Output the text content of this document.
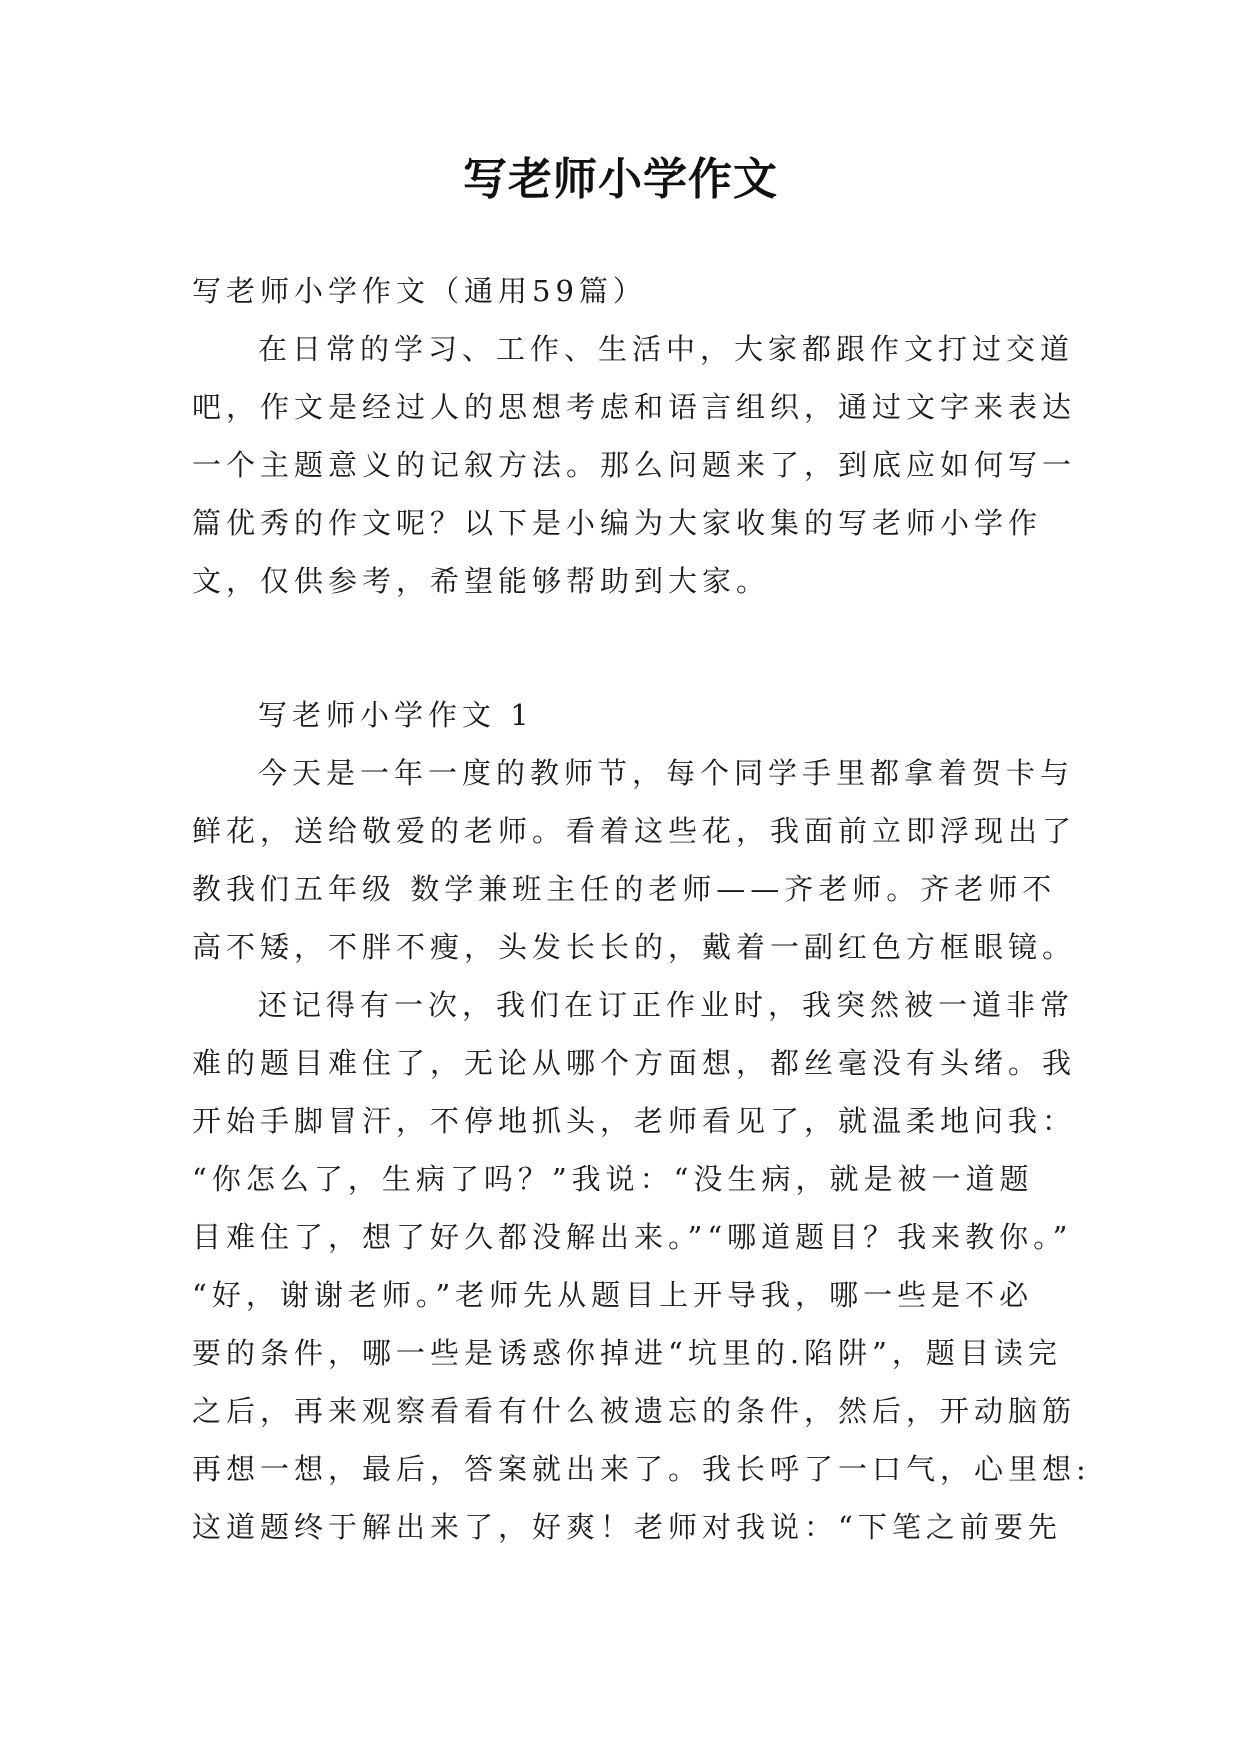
写老师小学作文
写老师小学作文（通用59篇）
在日常的学习、工作、生活中，大家都跟作文打过交道
吧，作文是经过人的思想考虑和语言组织，通过文字来表达
一个主题意义的记叙方法。那么问题来了，到底应如何写一
篇优秀的作文呢？以下是小编为大家收集的写老师小学作
文，仅供参考，希望能够帮助到大家。
写老师小学作文 1
今天是一年一度的教师节，每个同学手里都拿着贺卡与
鲜花，送给敬爱的老师。看着这些花，我面前立即浮现出了
教我们五年级 数学兼班主任的老师——齐老师。齐老师不
高不矮，不胖不瘦，头发长长的，戴着一副红色方框眼镜。
还记得有一次，我们在订正作业时，我突然被一道非常
难的题目难住了，无论从哪个方面想，都丝毫没有头绪。我
开始手脚冒汗，不停地抓头，老师看见了，就温柔地问我：
“你怎么了，生病了吗？”我说：“没生病，就是被一道题
目难住了，想了好久都没解出来。”“哪道题目？我来教你。”
“好，谢谢老师。”老师先从题目上开导我，哪一些是不必
要的条件，哪一些是诱惑你掉进“坑里的.陷阱”，题目读完
之后，再来观察看看有什么被遗忘的条件，然后，开动脑筋
再想一想，最后，答案就出来了。我长呼了一口气，心里想:
这道题终于解出来了，好爽！老师对我说：“下笔之前要先
